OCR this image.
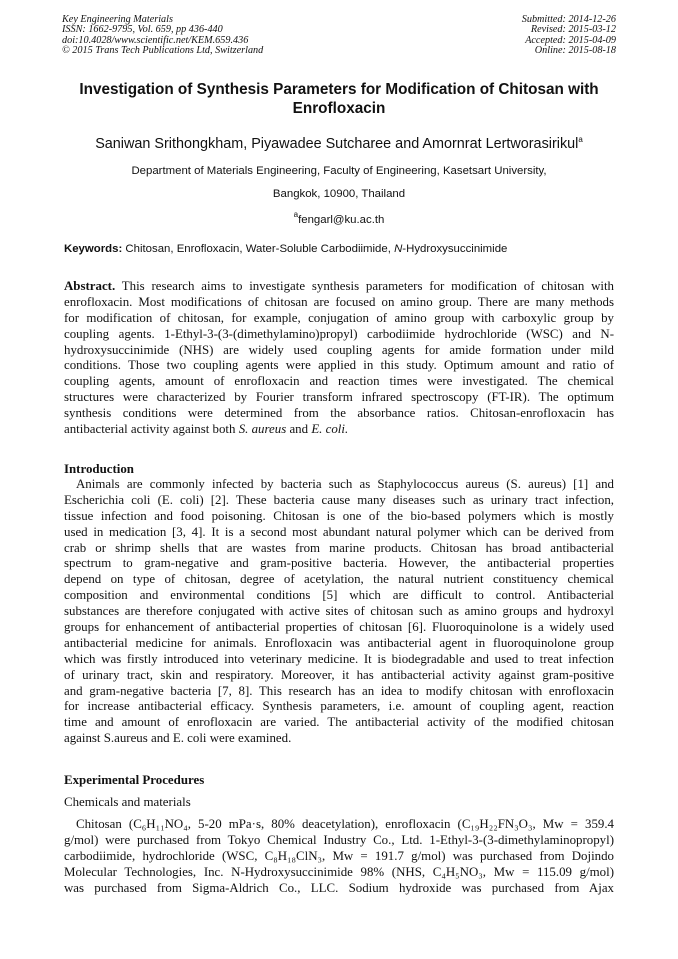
Key Engineering Materials
ISSN: 1662-9795, Vol. 659, pp 436-440
doi:10.4028/www.scientific.net/KEM.659.436
© 2015 Trans Tech Publications Ltd, Switzerland
Submitted: 2014-12-26
Revised: 2015-03-12
Accepted: 2015-04-09
Online: 2015-08-18
Investigation of Synthesis Parameters for Modification of Chitosan with
Enrofloxacin
Saniwan Srithongkham, Piyawadee Sutcharee and Amornrat Lertworasirikul$^a$
Department of Materials Engineering, Faculty of Engineering, Kasetsart University,
Bangkok, 10900, Thailand
$^a$fengarl@ku.ac.th
Keywords: Chitosan, Enrofloxacin, Water-Soluble Carbodiimide, N-Hydroxysuccinimide
Abstract. This research aims to investigate synthesis parameters for modification of chitosan with
enrofloxacin. Most modifications of chitosan are focused on amino group. There are many methods
for modification of chitosan, for example, conjugation of amino group with carboxylic group by
coupling agents. 1-Ethyl-3-(3-(dimethylamino)propyl) carbodiimide hydrochloride (WSC) and N-
hydroxysuccinimide (NHS) are widely used coupling agents for amide formation under mild
conditions. Those two coupling agents were applied in this study. Optimum amount and ratio of
coupling agents, amount of enrofloxacin and reaction times were investigated. The chemical
structures were characterized by Fourier transform infrared spectroscopy (FT-IR). The optimum
synthesis conditions were determined from the absorbance ratios. Chitosan-enrofloxacin has
antibacterial activity against both S. aureus and E. coli.
Introduction
Animals are commonly infected by bacteria such as Staphylococcus aureus (S. aureus) [1] and
Escherichia coli (E. coli) [2]. These bacteria cause many diseases such as urinary tract infection,
tissue infection and food poisoning. Chitosan is one of the bio-based polymers which is mostly
used in medication [3, 4]. It is a second most abundant natural polymer which can be derived from
crab or shrimp shells that are wastes from marine products. Chitosan has broad antibacterial
spectrum to gram-negative and gram-positive bacteria. However, the antibacterial properties
depend on type of chitosan, degree of acetylation, the natural nutrient constituency chemical
composition and environmental conditions [5] which are difficult to control. Antibacterial
substances are therefore conjugated with active sites of chitosan such as amino groups and hydroxyl
groups for enhancement of antibacterial properties of chitosan [6]. Fluoroquinolone is a widely used
antibacterial medicine for animals. Enrofloxacin was antibacterial agent in fluoroquinolone group
which was firstly introduced into veterinary medicine. It is biodegradable and used to treat infection
of urinary tract, skin and respiratory. Moreover, it has antibacterial activity against gram-positive
and gram-negative bacteria [7, 8]. This research has an idea to modify chitosan with enrofloxacin
for increase antibacterial efficacy. Synthesis parameters, i.e. amount of coupling agent, reaction
time and amount of enrofloxacin are varied. The antibacterial activity of the modified chitosan
against S.aureus and E. coli were examined.
Experimental Procedures
Chemicals and materials
Chitosan (C₆H₁₁NO₄, 5-20 mPa·s, 80% deacetylation), enrofloxacin (C₁₉H₂₂FN₃O₃, Mw = 359.4
g/mol) were purchased from Tokyo Chemical Industry Co., Ltd. 1-Ethyl-3-(3-dimethylaminopropyl)
carbodiimide, hydrochloride (WSC, C₈H₁₈ClN₃, Mw = 191.7 g/mol) was purchased from Dojindo
Molecular Technologies, Inc. N-Hydroxysuccinimide 98% (NHS, C₄H₅NO₃, Mw = 115.09 g/mol)
was purchased from Sigma-Aldrich Co., LLC. Sodium hydroxide was purchased from Ajax
